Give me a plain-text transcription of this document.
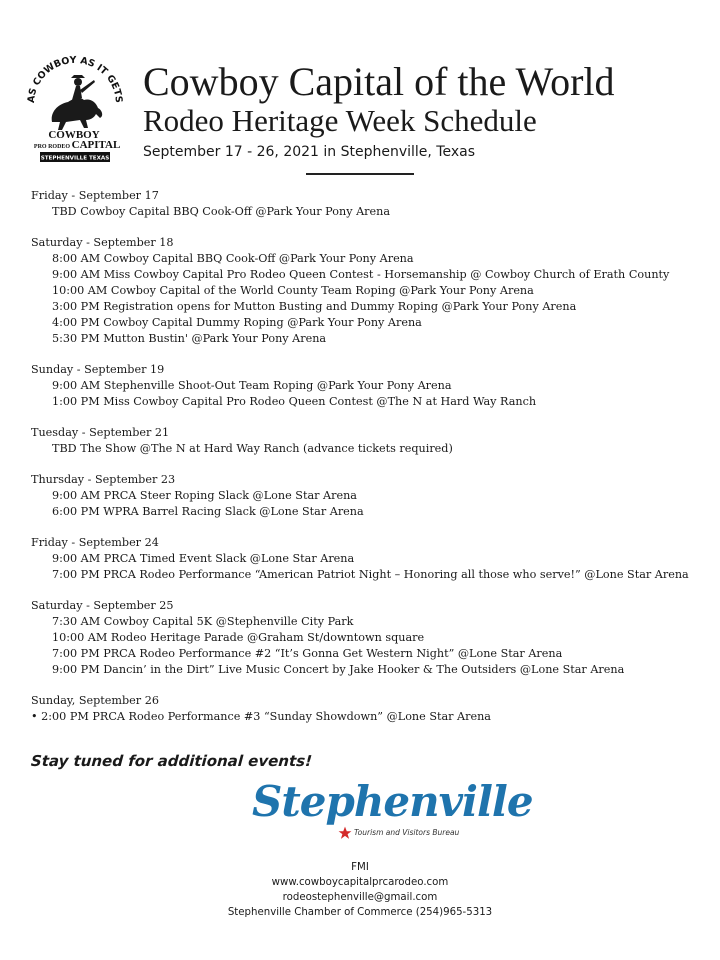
AS COWBOY AS IT GETS
COWBOY
PRO RODEO CAPITAL
STEPHENVILLE TEXAS
Cowboy Capital of the World
Rodeo Heritage Week Schedule
September 17 - 26, 2021 in Stephenville, Texas
Friday - September 17
TBD Cowboy Capital BBQ Cook-Off @Park Your Pony Arena
Saturday - September 18
8:00 AM Cowboy Capital BBQ Cook-Off @Park Your Pony Arena
9:00 AM Miss Cowboy Capital Pro Rodeo Queen Contest - Horsemanship @ Cowboy Church of Erath County
10:00 AM Cowboy Capital of the World County Team Roping @Park Your Pony Arena
3:00 PM Registration opens for Mutton Busting and Dummy Roping @Park Your Pony Arena
4:00 PM Cowboy Capital Dummy Roping @Park Your Pony Arena
5:30 PM Mutton Bustin' @Park Your Pony Arena
Sunday - September 19
9:00 AM Stephenville Shoot-Out Team Roping @Park Your Pony Arena
1:00 PM Miss Cowboy Capital Pro Rodeo Queen Contest @The N at Hard Way Ranch
Tuesday - September 21
TBD The Show @The N at Hard Way Ranch (advance tickets required)
Thursday - September 23
9:00 AM PRCA Steer Roping Slack @Lone Star Arena
6:00 PM WPRA Barrel Racing Slack @Lone Star Arena
Friday - September 24
9:00 AM PRCA Timed Event Slack @Lone Star Arena
7:00 PM PRCA Rodeo Performance “American Patriot Night – Honoring all those who serve!” @Lone Star Arena
Saturday - September 25
7:30 AM Cowboy Capital 5K @Stephenville City Park
10:00 AM Rodeo Heritage Parade @Graham St/downtown square
7:00 PM PRCA Rodeo Performance #2 “It’s Gonna Get Western Night” @Lone Star Arena
9:00 PM Dancin’ in the Dirt” Live Music Concert by Jake Hooker & The Outsiders @Lone Star Arena
Sunday, September 26
• 2:00 PM PRCA Rodeo Performance #3 “Sunday Showdown” @Lone Star Arena
Stay tuned for additional events!
Stephenville
Tourism and Visitors Bureau
FMI
www.cowboycapitalprcarodeo.com
rodeostephenville@gmail.com
Stephenville Chamber of Commerce (254)965-5313
